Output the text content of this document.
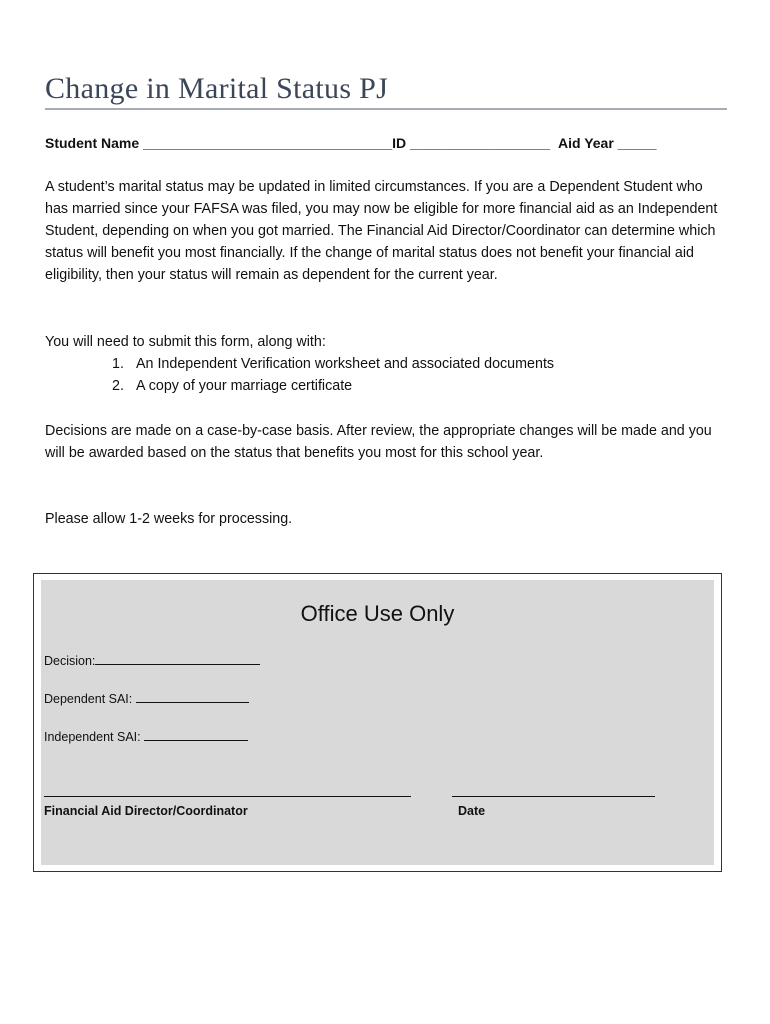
Change in Marital Status PJ
Student Name ________________________________ID __________________ Aid Year _____

A student’s marital status may be updated in limited circumstances. If you are a Dependent Student who has married since your FAFSA was filed, you may now be eligible for more financial aid as an Independent Student, depending on when you got married. The Financial Aid Director/Coordinator can determine which status will benefit you most financially. If the change of marital status does not benefit your financial aid eligibility, then your status will remain as dependent for the current year.

You will need to submit this form, along with:

1. An Independent Verification worksheet and associated documents
2. A copy of your marriage certificate

Decisions are made on a case-by-case basis. After review, the appropriate changes will be made and you will be awarded based on the status that benefits you most for this school year.

Please allow 1-2 weeks for processing.

Office Use Only
Decision:
Dependent SAI:
Independent SAI:
Financial Aid Director/Coordinator	Date
